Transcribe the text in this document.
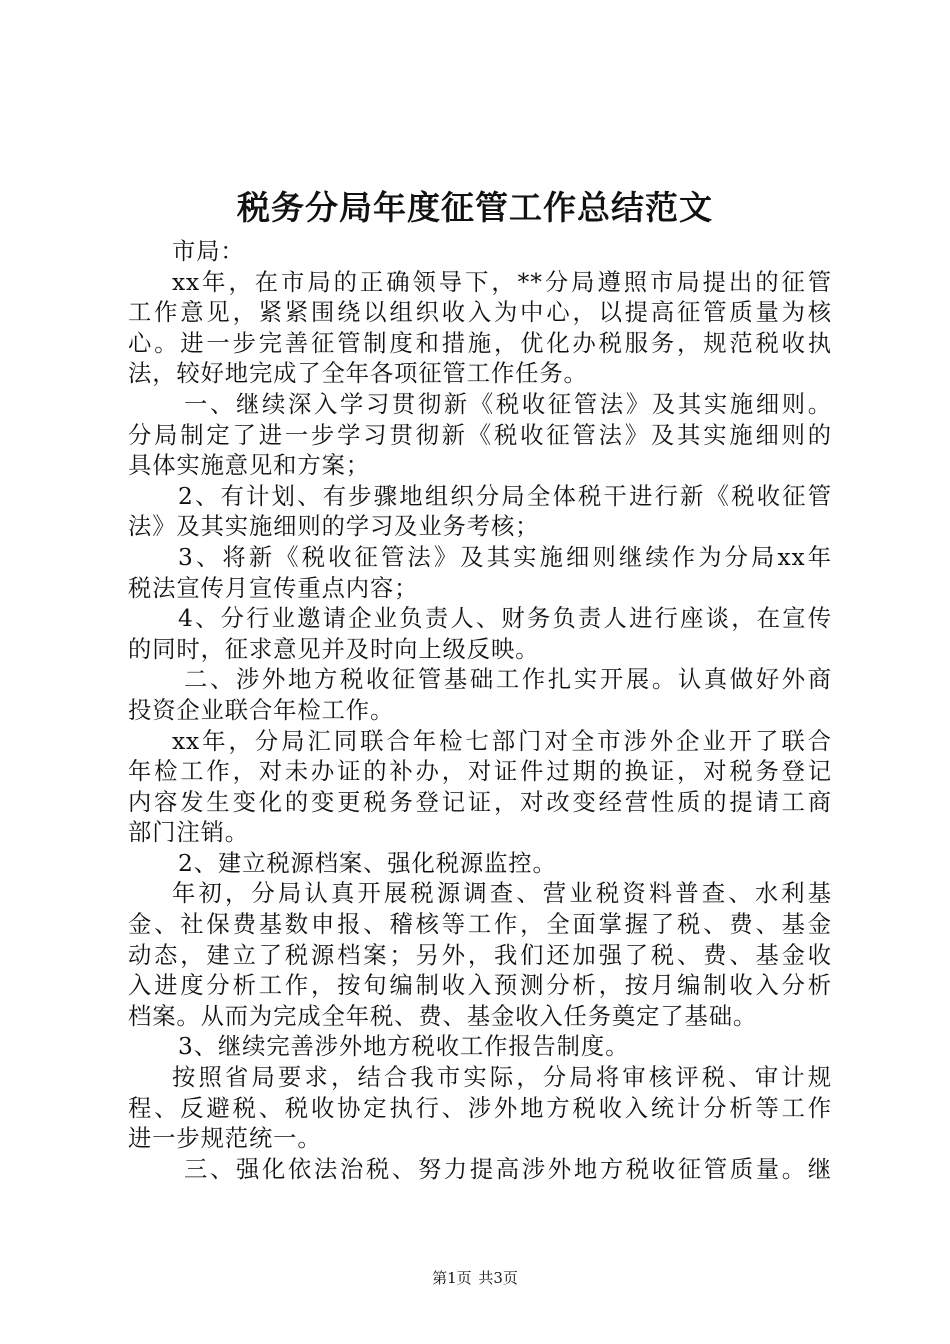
税务分局年度征管工作总结范文
市局：
xx年，在市局的正确领导下，**分局遵照市局提出的征管
工作意见，紧紧围绕以组织收入为中心，以提高征管质量为核
心。进一步完善征管制度和措施，优化办税服务，规范税收执
法，较好地完成了全年各项征管工作任务。
一、继续深入学习贯彻新《税收征管法》及其实施细则。
分局制定了进一步学习贯彻新《税收征管法》及其实施细则的
具体实施意见和方案；
2、有计划、有步骤地组织分局全体税干进行新《税收征管
法》及其实施细则的学习及业务考核；
3、将新《税收征管法》及其实施细则继续作为分局xx年
税法宣传月宣传重点内容；
4、分行业邀请企业负责人、财务负责人进行座谈，在宣传
的同时，征求意见并及时向上级反映。
二、涉外地方税收征管基础工作扎实开展。认真做好外商
投资企业联合年检工作。
xx年，分局汇同联合年检七部门对全市涉外企业开了联合
年检工作，对未办证的补办，对证件过期的换证，对税务登记
内容发生变化的变更税务登记证，对改变经营性质的提请工商
部门注销。
2、建立税源档案、强化税源监控。
年初，分局认真开展税源调查、营业税资料普查、水利基
金、社保费基数申报、稽核等工作，全面掌握了税、费、基金
动态，建立了税源档案；另外，我们还加强了税、费、基金收
入进度分析工作，按旬编制收入预测分析，按月编制收入分析
档案。从而为完成全年税、费、基金收入任务奠定了基础。
3、继续完善涉外地方税收工作报告制度。
按照省局要求，结合我市实际，分局将审核评税、审计规
程、反避税、税收协定执行、涉外地方税收入统计分析等工作
进一步规范统一。
三、强化依法治税、努力提高涉外地方税收征管质量。继
第1页 共3页
